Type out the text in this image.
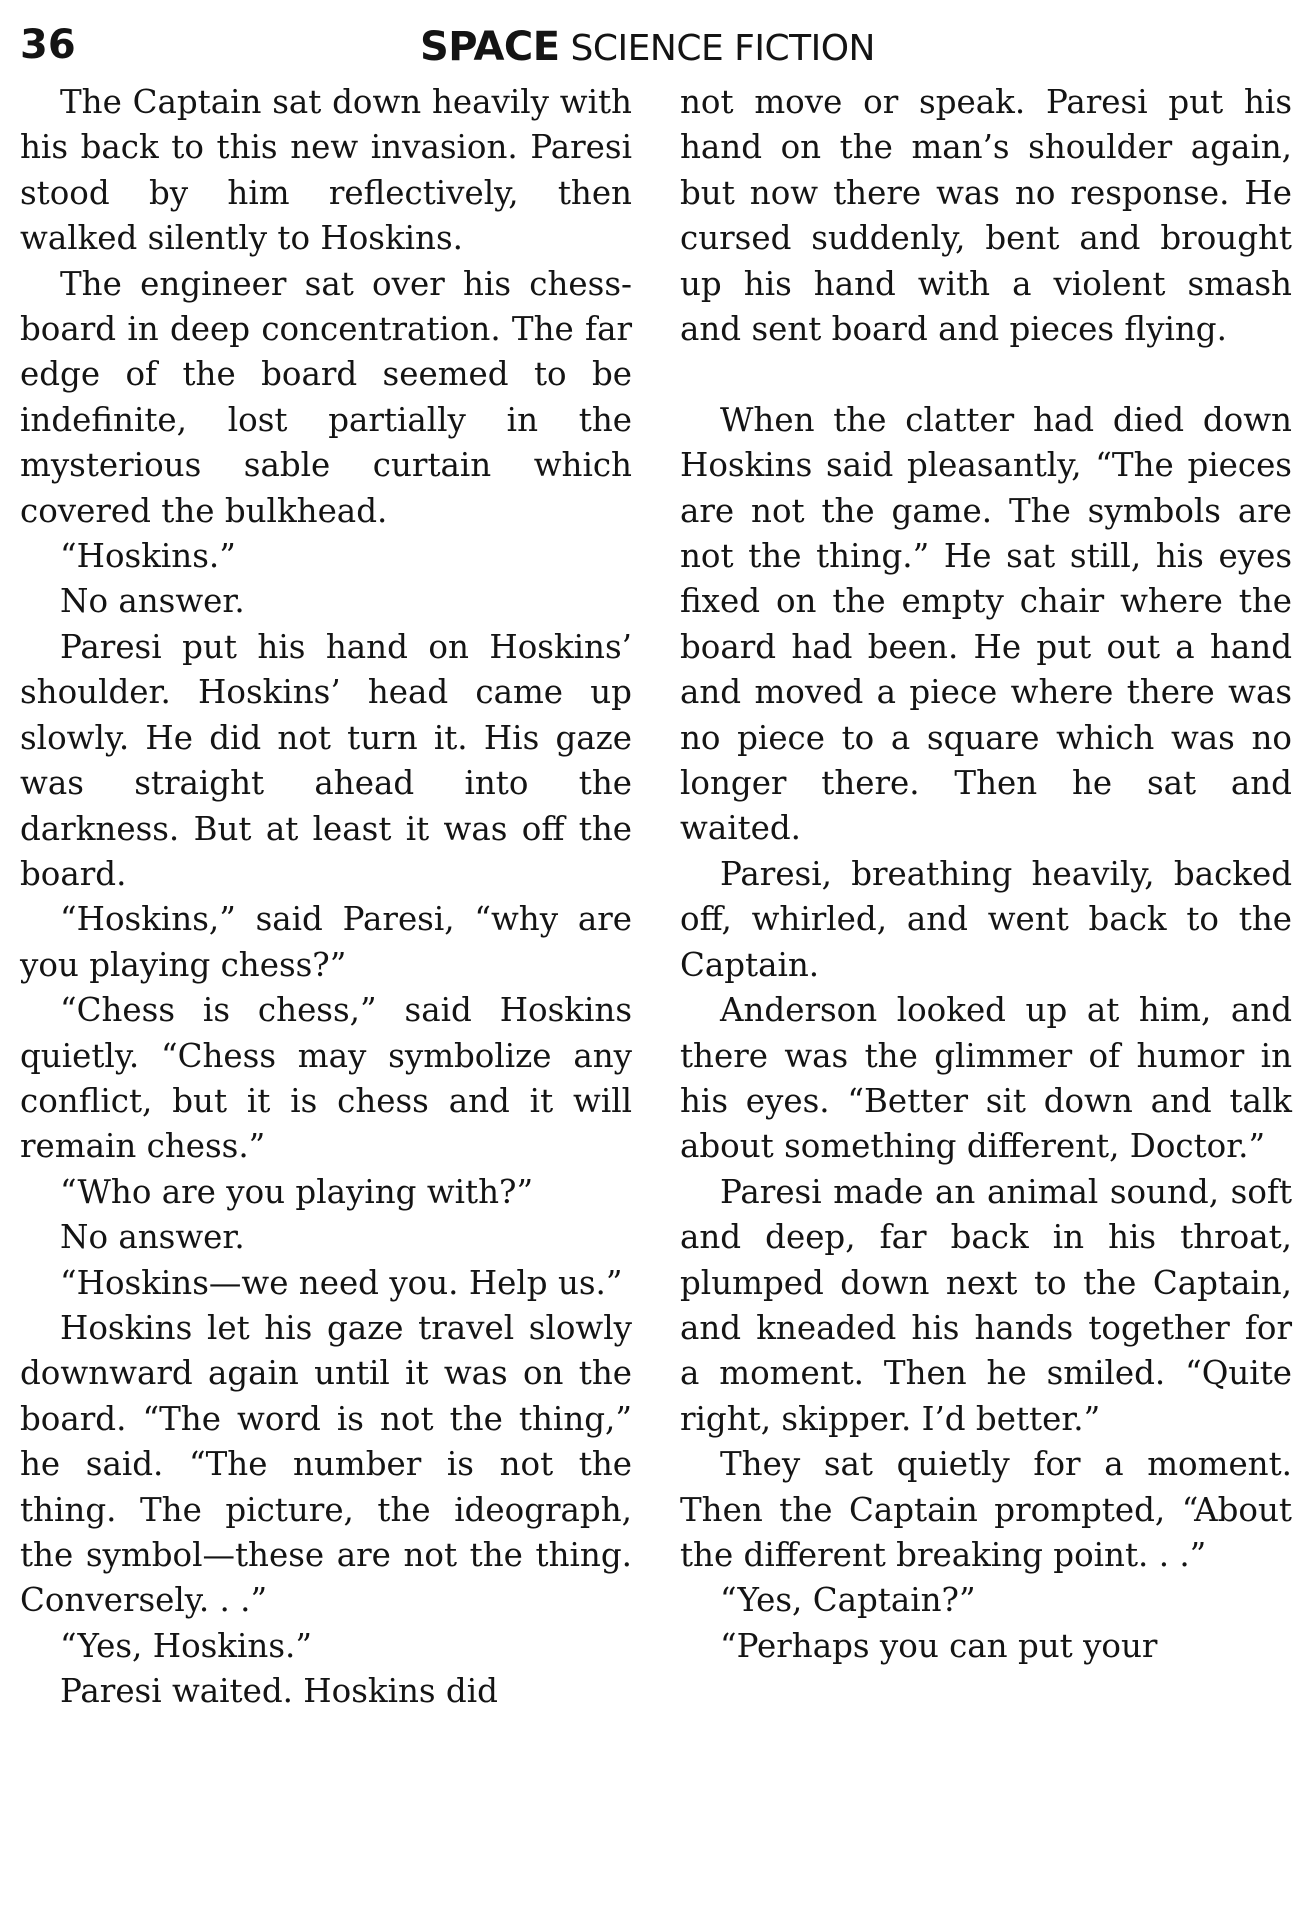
36	SPACE SCIENCE FICTION

The Captain sat down heavily with his back to this new invasion. Paresi stood by him reflectively, then walked silently to Hoskins.

The engineer sat over his chess-board in deep concentration. The far edge of the board seemed to be indefinite, lost partially in the mysterious sable curtain which covered the bulkhead.

“Hoskins.”

No answer.

Paresi put his hand on Hoskins’ shoulder. Hoskins’ head came up slowly. He did not turn it. His gaze was straight ahead into the darkness. But at least it was off the board.

“Hoskins,” said Paresi, “why are you playing chess?”

“Chess is chess,” said Hoskins quietly. “Chess may symbolize any conflict, but it is chess and it will remain chess.”

“Who are you playing with?”

No answer.

“Hoskins—we need you. Help us.”

Hoskins let his gaze travel slowly downward again until it was on the board. “The word is not the thing,” he said. “The number is not the thing. The picture, the ideograph, the symbol—these are not the thing. Conversely. . .”

“Yes, Hoskins.”

Paresi waited. Hoskins did

not move or speak. Paresi put his hand on the man’s shoulder again, but now there was no response. He cursed suddenly, bent and brought up his hand with a violent smash and sent board and pieces flying.

When the clatter had died down Hoskins said pleasantly, “The pieces are not the game. The symbols are not the thing.” He sat still, his eyes fixed on the empty chair where the board had been. He put out a hand and moved a piece where there was no piece to a square which was no longer there. Then he sat and waited.

Paresi, breathing heavily, backed off, whirled, and went back to the Captain.

Anderson looked up at him, and there was the glimmer of humor in his eyes. “Better sit down and talk about something different, Doctor.”

Paresi made an animal sound, soft and deep, far back in his throat, plumped down next to the Captain, and kneaded his hands together for a moment. Then he smiled. “Quite right, skipper. I’d better.”

They sat quietly for a moment. Then the Captain prompted, “About the different breaking point. . .”

“Yes, Captain?”

“Perhaps you can put your
